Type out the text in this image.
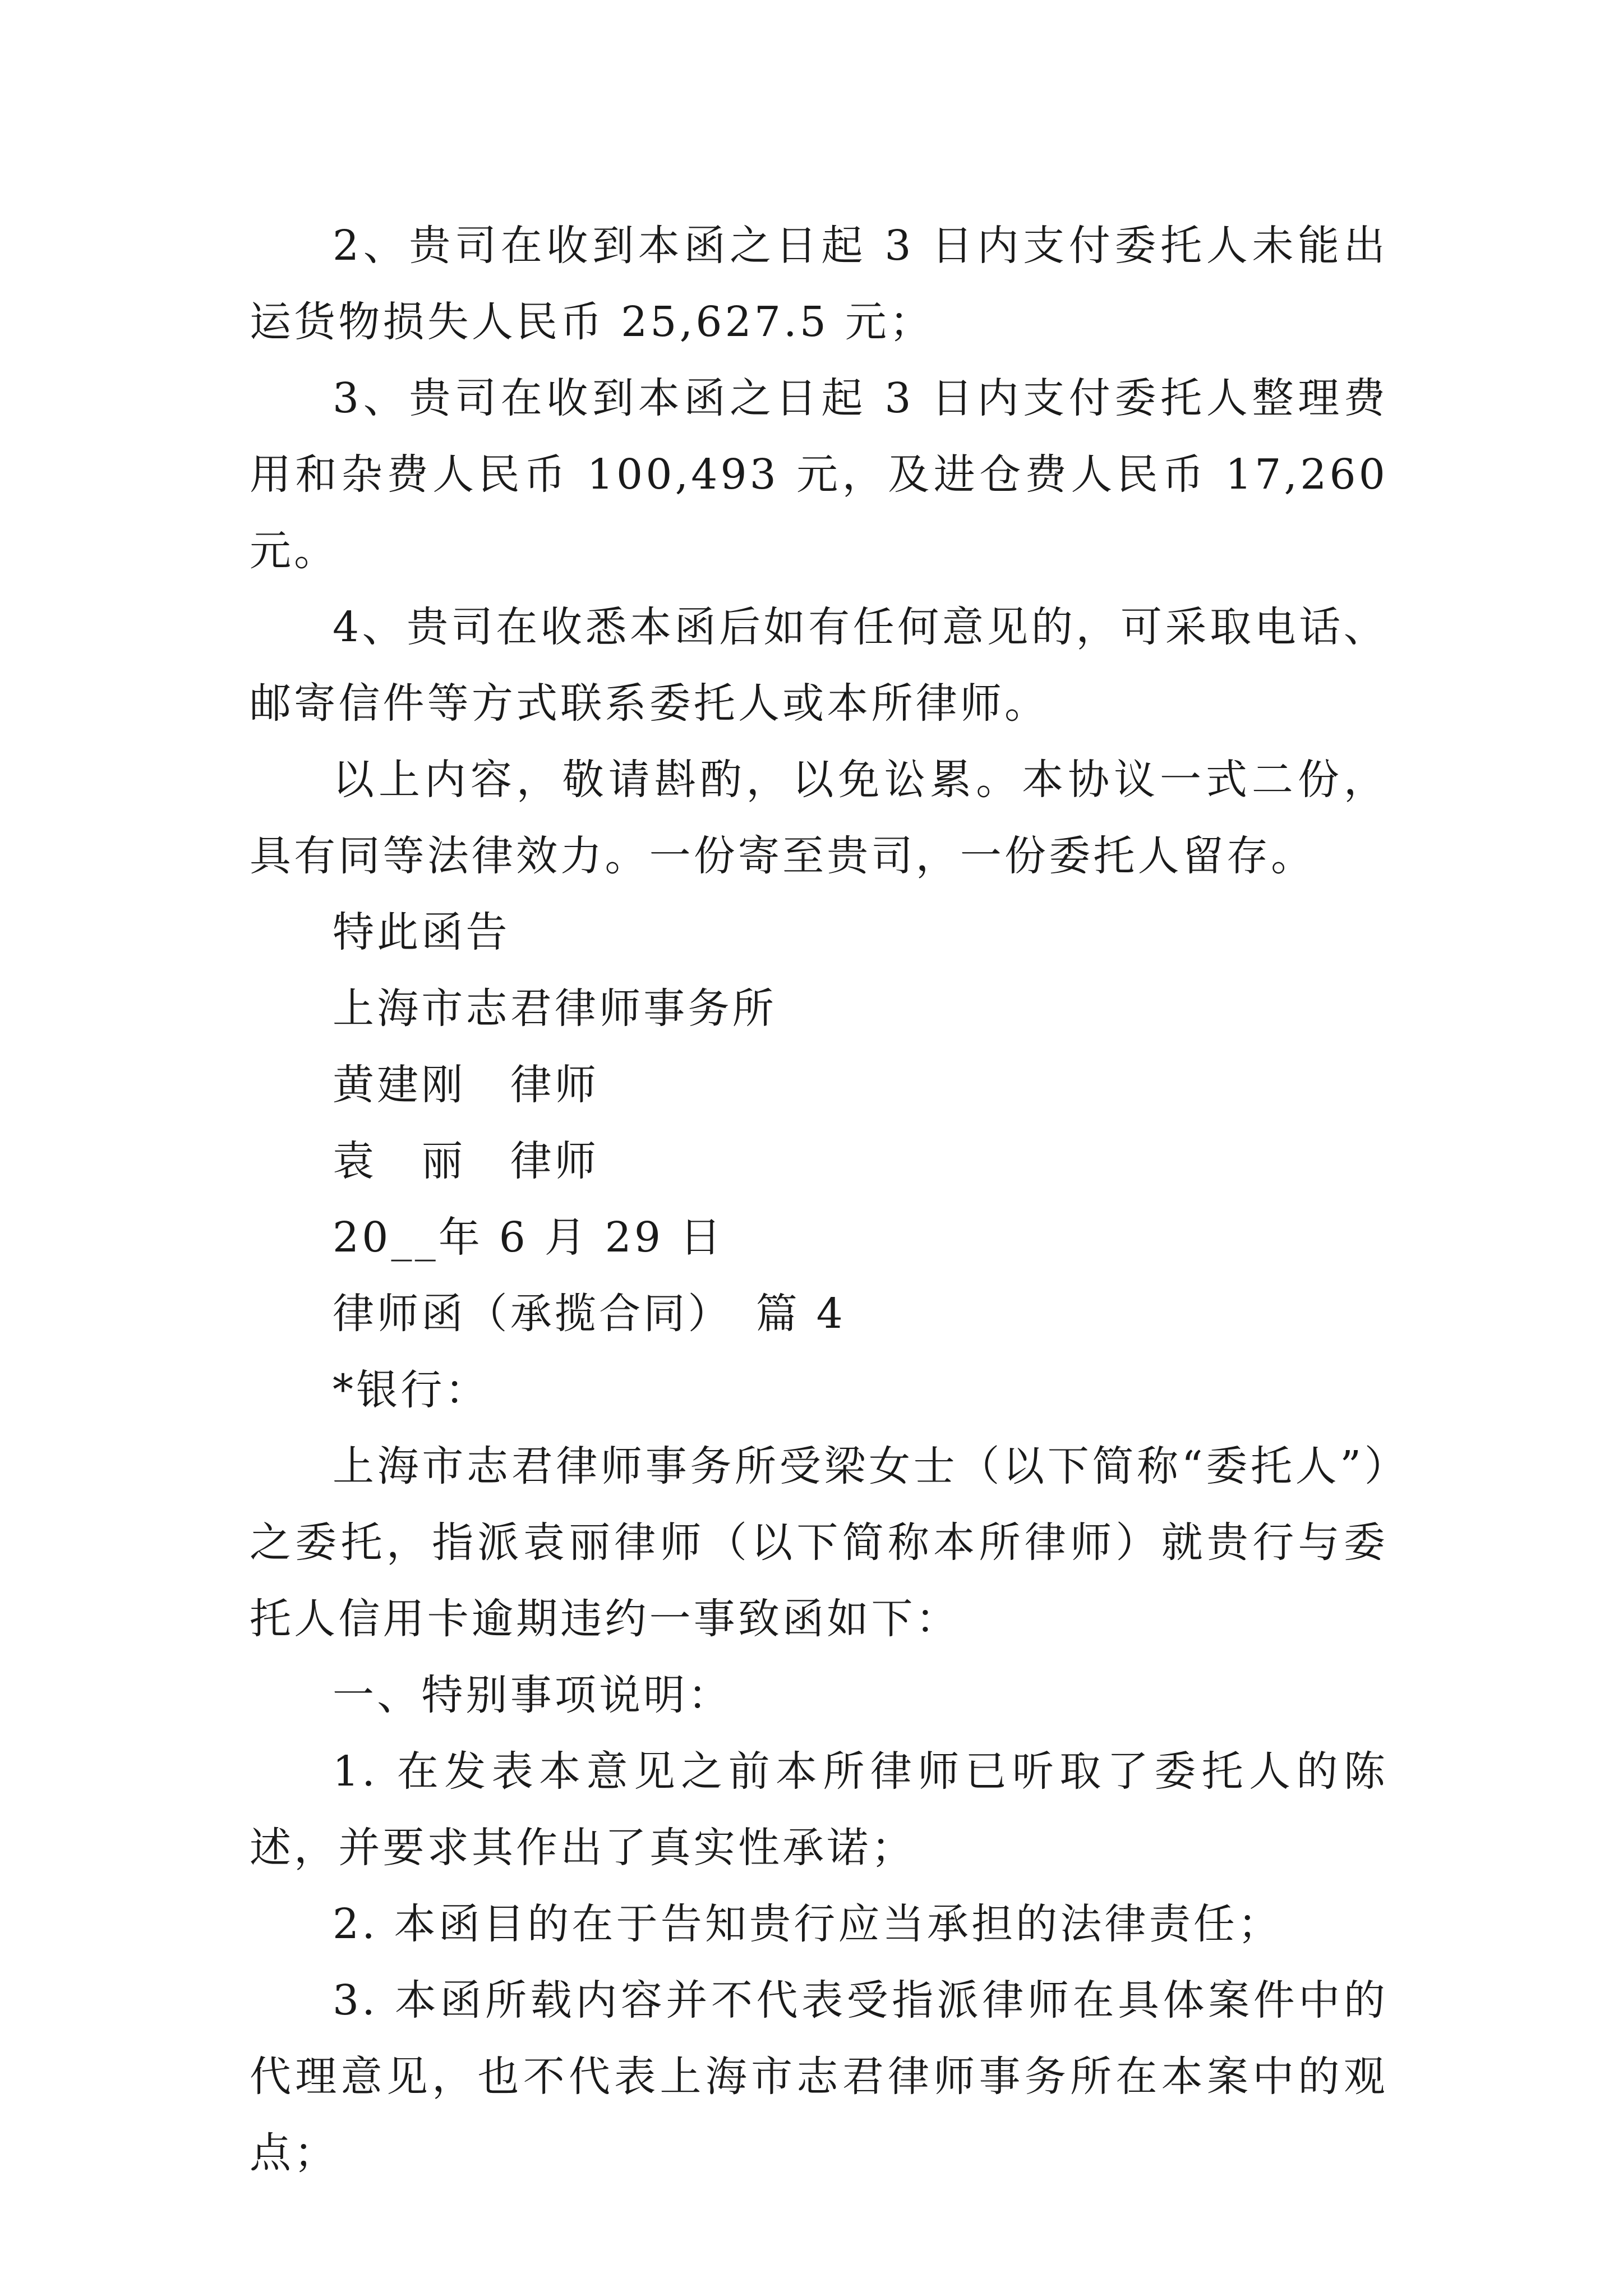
2、贵司在收到本函之日起 3 日内支付委托人未能出运货物损失人民币 25,627.5 元；

3、贵司在收到本函之日起 3 日内支付委托人整理费用和杂费人民币 100,493 元，及进仓费人民币 17,260 元。

4、贵司在收悉本函后如有任何意见的，可采取电话、邮寄信件等方式联系委托人或本所律师。

以上内容，敬请斟酌，以免讼累。本协议一式二份，具有同等法律效力。一份寄至贵司，一份委托人留存。

特此函告

上海市志君律师事务所

黄建刚　律师

袁　丽　律师

20__年 6 月 29 日

律师函（承揽合同）　篇 4

*银行：

上海市志君律师事务所受梁女士（以下简称“委托人”）之委托，指派袁丽律师（以下简称本所律师）就贵行与委托人信用卡逾期违约一事致函如下：

一、特别事项说明：

1. 在发表本意见之前本所律师已听取了委托人的陈述，并要求其作出了真实性承诺；

2. 本函目的在于告知贵行应当承担的法律责任；

3. 本函所载内容并不代表受指派律师在具体案件中的代理意见，也不代表上海市志君律师事务所在本案中的观点；
